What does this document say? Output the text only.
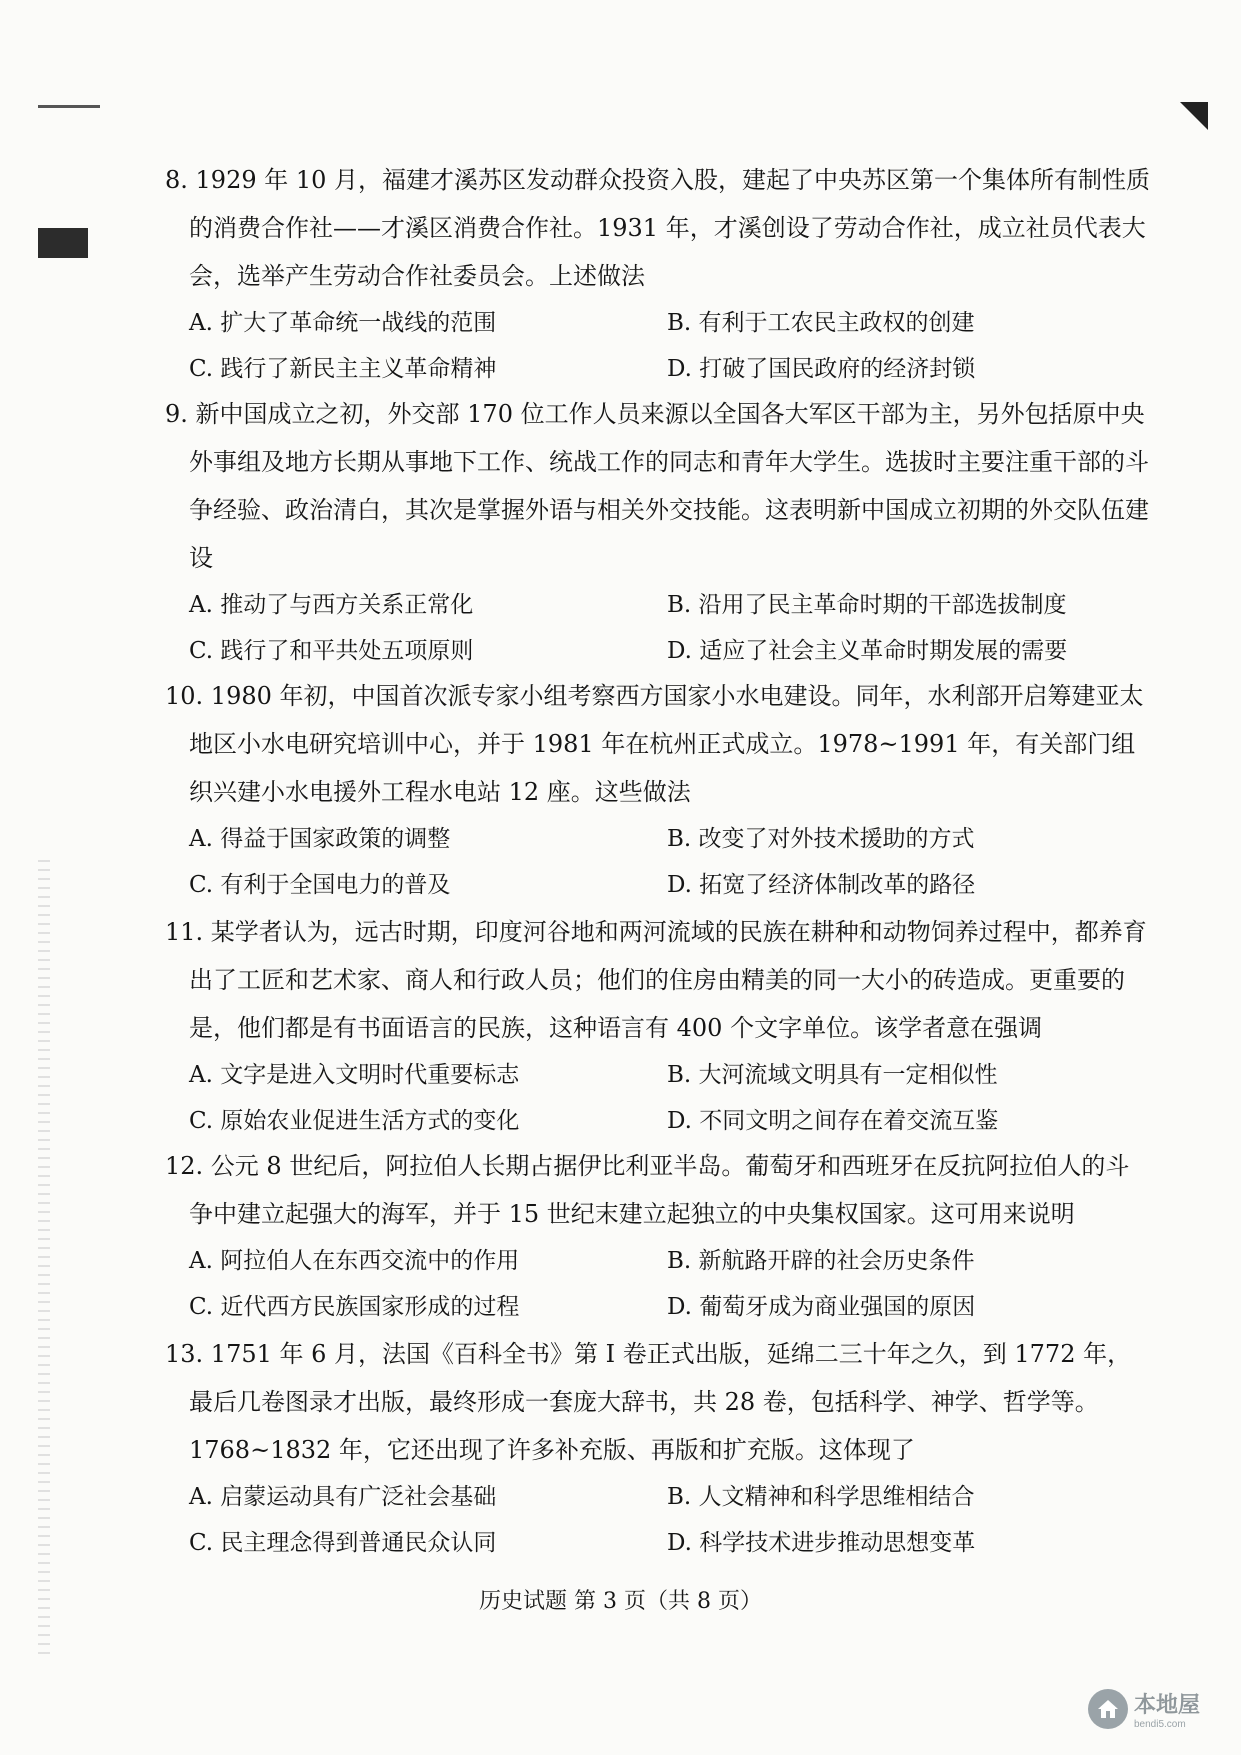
8. 1929 年 10 月，福建才溪苏区发动群众投资入股，建起了中央苏区第一个集体所有制性质的消费合作社——才溪区消费合作社。1931 年，才溪创设了劳动合作社，成立社员代表大会，选举产生劳动合作社委员会。上述做法
A. 扩大了革命统一战线的范围	B. 有利于工农民主政权的创建
C. 践行了新民主主义革命精神	D. 打破了国民政府的经济封锁
9. 新中国成立之初，外交部 170 位工作人员来源以全国各大军区干部为主，另外包括原中央外事组及地方长期从事地下工作、统战工作的同志和青年大学生。选拔时主要注重干部的斗争经验、政治清白，其次是掌握外语与相关外交技能。这表明新中国成立初期的外交队伍建设
A. 推动了与西方关系正常化	B. 沿用了民主革命时期的干部选拔制度
C. 践行了和平共处五项原则	D. 适应了社会主义革命时期发展的需要
10. 1980 年初，中国首次派专家小组考察西方国家小水电建设。同年，水利部开启筹建亚太地区小水电研究培训中心，并于 1981 年在杭州正式成立。1978~1991 年，有关部门组织兴建小水电援外工程水电站 12 座。这些做法
A. 得益于国家政策的调整	B. 改变了对外技术援助的方式
C. 有利于全国电力的普及	D. 拓宽了经济体制改革的路径
11. 某学者认为，远古时期，印度河谷地和两河流域的民族在耕种和动物饲养过程中，都养育出了工匠和艺术家、商人和行政人员；他们的住房由精美的同一大小的砖造成。更重要的是，他们都是有书面语言的民族，这种语言有 400 个文字单位。该学者意在强调
A. 文字是进入文明时代重要标志	B. 大河流域文明具有一定相似性
C. 原始农业促进生活方式的变化	D. 不同文明之间存在着交流互鉴
12. 公元 8 世纪后，阿拉伯人长期占据伊比利亚半岛。葡萄牙和西班牙在反抗阿拉伯人的斗争中建立起强大的海军，并于 15 世纪末建立起独立的中央集权国家。这可用来说明
A. 阿拉伯人在东西交流中的作用	B. 新航路开辟的社会历史条件
C. 近代西方民族国家形成的过程	D. 葡萄牙成为商业强国的原因
13. 1751 年 6 月，法国《百科全书》第 I 卷正式出版，延绵二三十年之久，到 1772 年，最后几卷图录才出版，最终形成一套庞大辞书，共 28 卷，包括科学、神学、哲学等。1768~1832 年，它还出现了许多补充版、再版和扩充版。这体现了
A. 启蒙运动具有广泛社会基础	B. 人文精神和科学思维相结合
C. 民主理念得到普通民众认同	D. 科学技术进步推动思想变革
历史试题 第 3 页（共 8 页）
本地屋
bendi5.com
